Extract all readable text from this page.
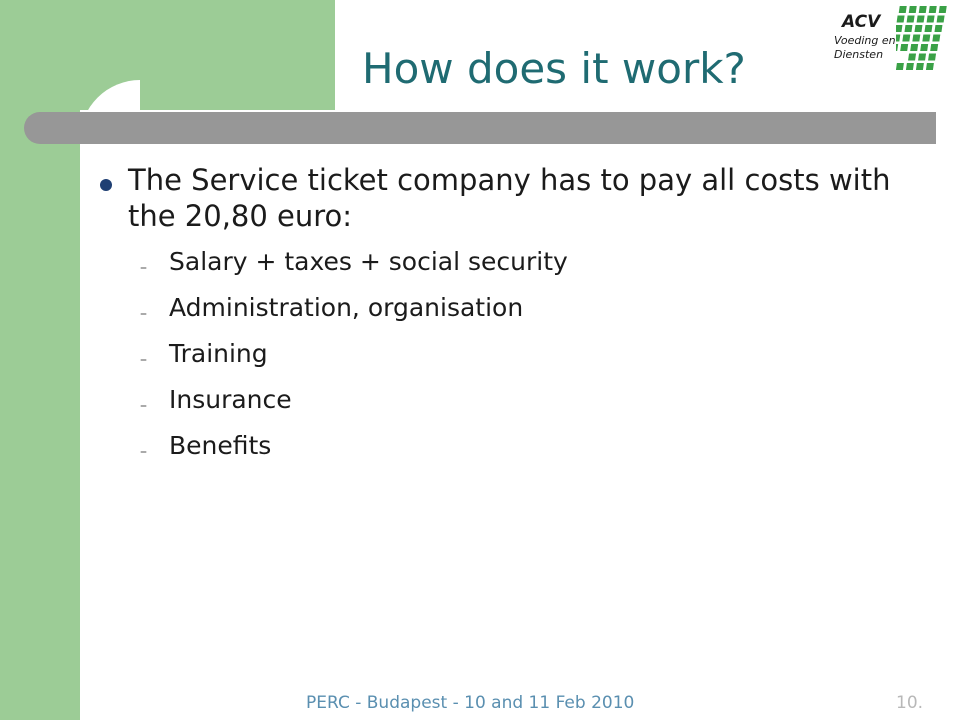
How does it work?

ACV

Voeding en

Diensten

The Service ticket company has to pay all costs with the 20,80 euro:

– Salary + taxes + social security
– Administration, organisation
– Training
– Insurance
– Benefits

PERC - Budapest - 10 and 11 Feb 2010	10.
